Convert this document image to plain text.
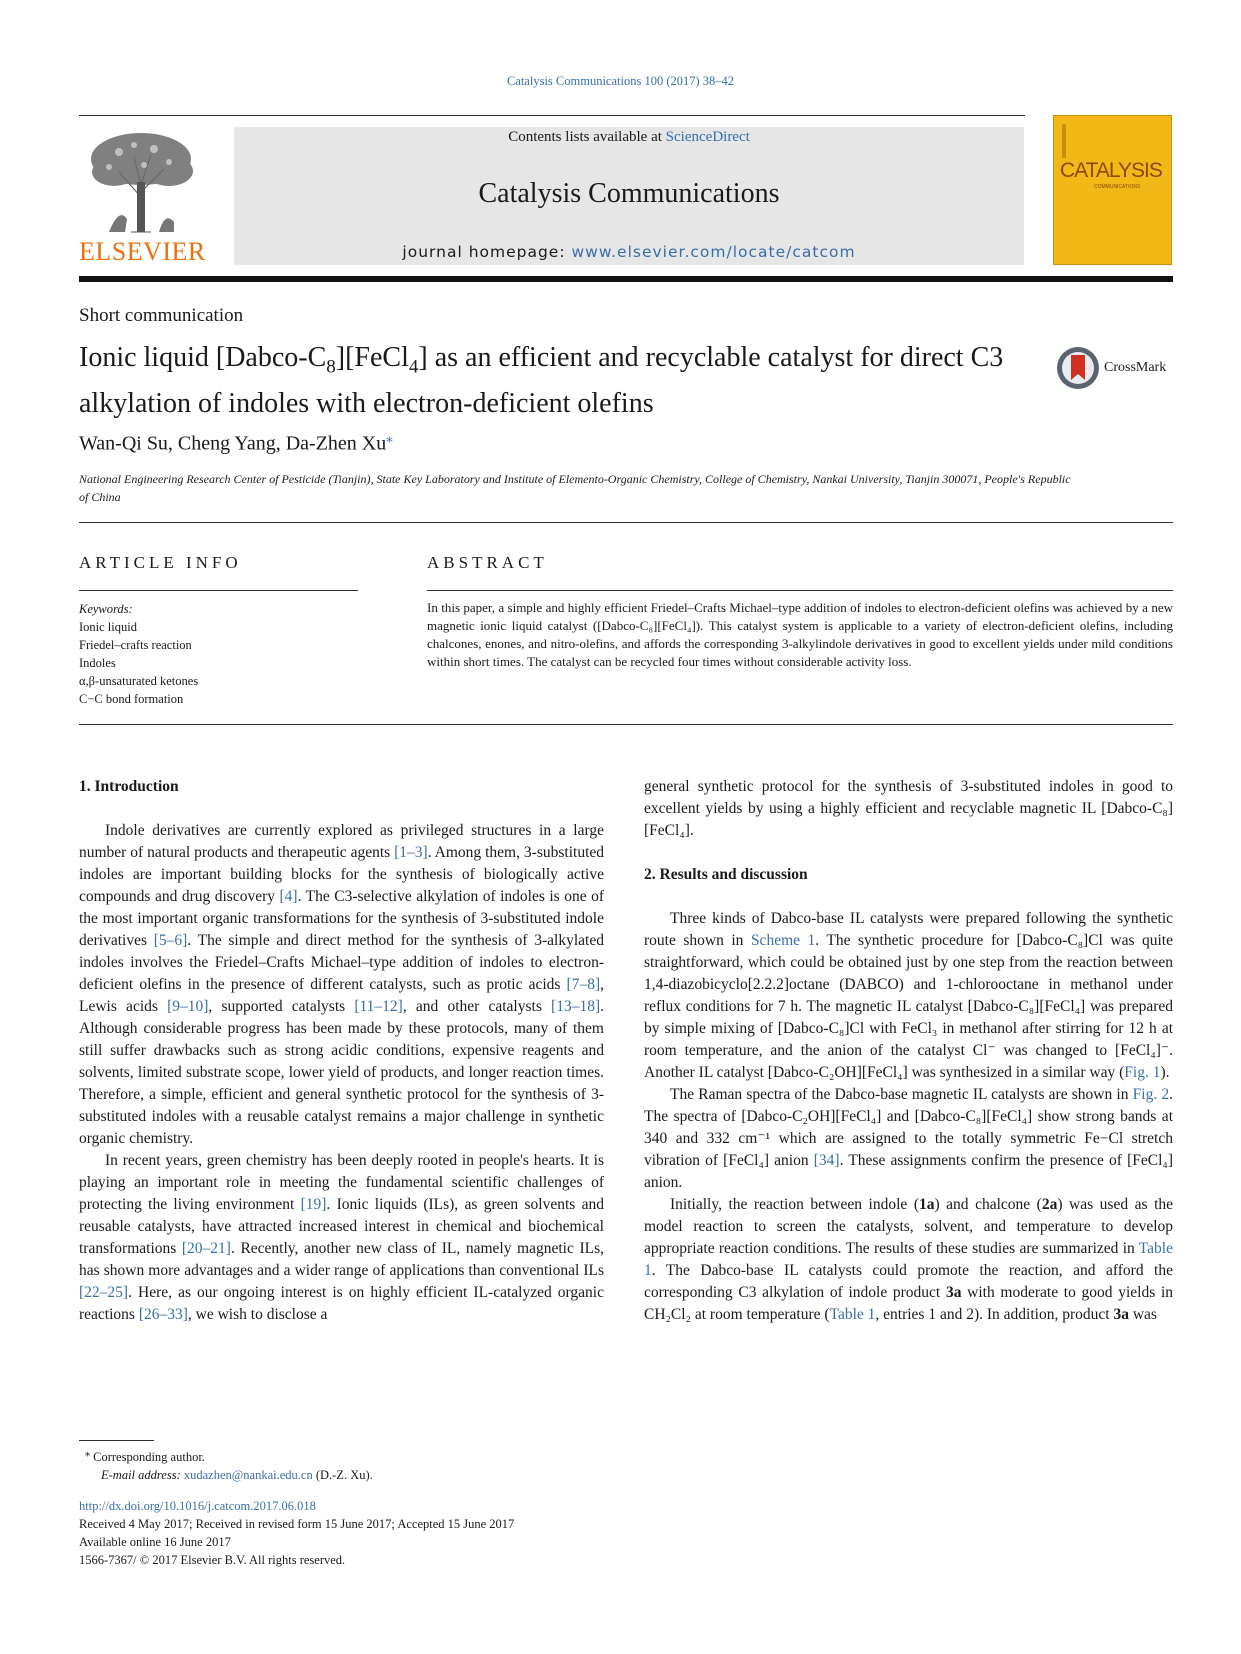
Catalysis Communications 100 (2017) 38–42
ELSEVIER
Contents lists available at ScienceDirect
Catalysis Communications
journal homepage: www.elsevier.com/locate/catcom
CATALYSIS
COMMUNICATIONS
Short communication
Ionic liquid $[Dabco-C_8][FeCl_4]$ as an efficient and recyclable catalyst for direct C3 alkylation of indoles with electron-deficient olefins
CrossMark
Wan-Qi Su, Cheng Yang, Da-Zhen Xu⁎
National Engineering Research Center of Pesticide (Tianjin), State Key Laboratory and Institute of Elemento-Organic Chemistry, College of Chemistry, Nankai University, Tianjin 300071, People's Republic of China
ARTICLE INFO
Keywords:
Ionic liquid
Friedel–crafts reaction
Indoles
α,β-unsaturated ketones
C−C bond formation
ABSTRACT
In this paper, a simple and highly efficient Friedel–Crafts Michael–type addition of indoles to electron-deficient olefins was achieved by a new magnetic ionic liquid catalyst ([Dabco-C₈][FeCl₄]). This catalyst system is applicable to a variety of electron-deficient olefins, including chalcones, enones, and nitro-olefins, and affords the corresponding 3-alkylindole derivatives in good to excellent yields under mild conditions within short times. The catalyst can be recycled four times without considerable activity loss.
1. Introduction

Indole derivatives are currently explored as privileged structures in a large number of natural products and therapeutic agents [1–3]. Among them, 3-substituted indoles are important building blocks for the synthesis of biologically active compounds and drug discovery [4]. The C3-selective alkylation of indoles is one of the most important organic transformations for the synthesis of 3-substituted indole derivatives [5–6]. The simple and direct method for the synthesis of 3-alkylated indoles involves the Friedel–Crafts Michael–type addition of indoles to electron-deficient olefins in the presence of different catalysts, such as protic acids [7–8], Lewis acids [9–10], supported catalysts [11–12], and other catalysts [13–18]. Although considerable progress has been made by these protocols, many of them still suffer drawbacks such as strong acidic conditions, expensive reagents and solvents, limited substrate scope, lower yield of products, and longer reaction times. Therefore, a simple, efficient and general synthetic protocol for the synthesis of 3-substituted indoles with a reusable catalyst remains a major challenge in synthetic organic chemistry.

In recent years, green chemistry has been deeply rooted in people's hearts. It is playing an important role in meeting the fundamental scientific challenges of protecting the living environment [19]. Ionic liquids (ILs), as green solvents and reusable catalysts, have attracted increased interest in chemical and biochemical transformations [20–21]. Recently, another new class of IL, namely magnetic ILs, has shown more advantages and a wider range of applications than conventional ILs [22–25]. Here, as our ongoing interest is on highly efficient IL-catalyzed organic reactions [26–33], we wish to disclose a

general synthetic protocol for the synthesis of 3-substituted indoles in good to excellent yields by using a highly efficient and recyclable magnetic IL [Dabco-C₈][FeCl₄].

2. Results and discussion

Three kinds of Dabco-base IL catalysts were prepared following the synthetic route shown in Scheme 1. The synthetic procedure for [Dabco-C₈]Cl was quite straightforward, which could be obtained just by one step from the reaction between 1,4-diazobicyclo[2.2.2]octane (DABCO) and 1-chlorooctane in methanol under reflux conditions for 7 h. The magnetic IL catalyst [Dabco-C₈][FeCl₄] was prepared by simple mixing of [Dabco-C₈]Cl with FeCl₃ in methanol after stirring for 12 h at room temperature, and the anion of the catalyst Cl⁻ was changed to [FeCl₄]⁻. Another IL catalyst [Dabco-C₂OH][FeCl₄] was synthesized in a similar way (Fig. 1).

The Raman spectra of the Dabco-base magnetic IL catalysts are shown in Fig. 2. The spectra of [Dabco-C₂OH][FeCl₄] and [Dabco-C₈][FeCl₄] show strong bands at 340 and 332 cm⁻¹ which are assigned to the totally symmetric Fe−Cl stretch vibration of [FeCl₄] anion [34]. These assignments confirm the presence of [FeCl₄] anion.

Initially, the reaction between indole (1a) and chalcone (2a) was used as the model reaction to screen the catalysts, solvent, and temperature to develop appropriate reaction conditions. The results of these studies are summarized in Table 1. The Dabco-base IL catalysts could promote the reaction, and afford the corresponding C3 alkylation of indole product 3a with moderate to good yields in CH₂Cl₂ at room temperature (Table 1, entries 1 and 2). In addition, product 3a was

⁎ Corresponding author.
E-mail address: xudazhen@nankai.edu.cn (D.-Z. Xu).
http://dx.doi.org/10.1016/j.catcom.2017.06.018
Received 4 May 2017; Received in revised form 15 June 2017; Accepted 15 June 2017
Available online 16 June 2017
1566-7367/ © 2017 Elsevier B.V. All rights reserved.
